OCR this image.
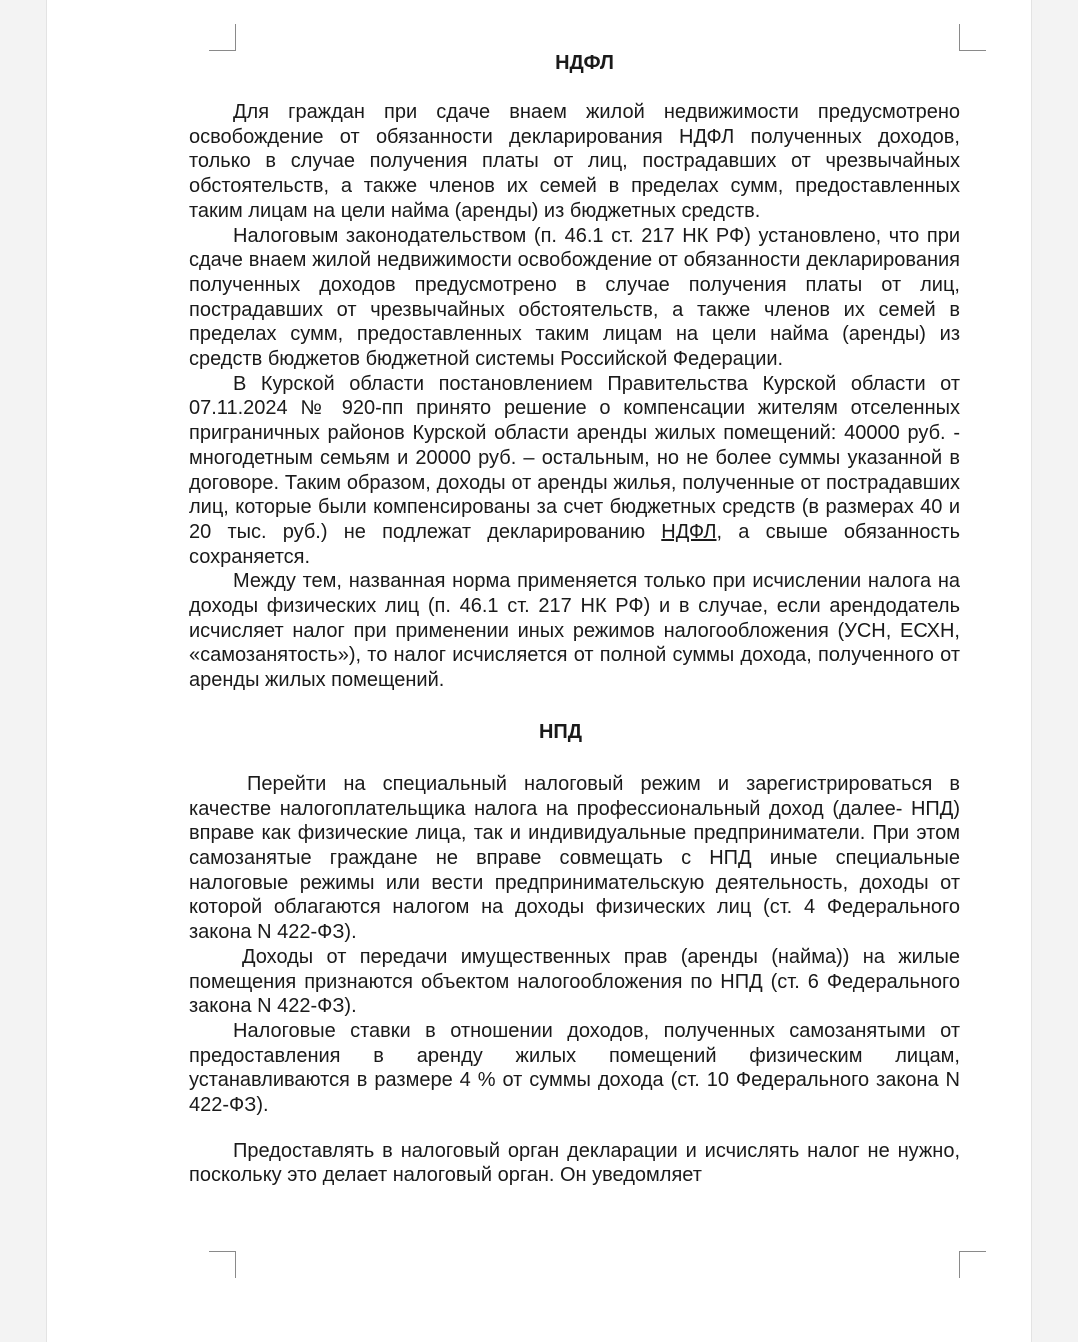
НДФЛ

Для граждан при сдаче внаем жилой недвижимости предусмотрено освобождение от обязанности декларирования НДФЛ полученных доходов, только в случае получения платы от лиц, пострадавших от чрезвычайных обстоятельств, а также членов их семей в пределах сумм, предоставленных таким лицам на цели найма (аренды) из бюджетных средств.

Налоговым законодательством (п. 46.1 ст. 217 НК РФ) установлено, что при сдаче внаем жилой недвижимости освобождение от обязанности декларирования полученных доходов предусмотрено в случае получения платы от лиц, пострадавших от чрезвычайных обстоятельств, а также членов их семей в пределах сумм, предоставленных таким лицам на цели найма (аренды) из средств бюджетов бюджетной системы Российской Федерации.

В Курской области постановлением Правительства Курской области от 07.11.2024 № 920-пп принято решение о компенсации жителям отселенных приграничных районов Курской области аренды жилых помещений: 40000 руб. - многодетным семьям и 20000 руб. – остальным, но не более суммы указанной в договоре. Таким образом, доходы от аренды жилья, полученные от пострадавших лиц, которые были компенсированы за счет бюджетных средств (в размерах 40 и 20 тыс. руб.) не подлежат декларированию НДФЛ, а свыше обязанность сохраняется.

Между тем, названная норма применяется только при исчислении налога на доходы физических лиц (п. 46.1 ст. 217 НК РФ) и в случае, если арендодатель исчисляет налог при применении иных режимов налогообложения (УСН, ЕСХН, «самозанятость»), то налог исчисляется от полной суммы дохода, полученного от аренды жилых помещений.

НПД

Перейти на специальный налоговый режим и зарегистрироваться в качестве налогоплательщика налога на профессиональный доход (далее- НПД) вправе как физические лица, так и индивидуальные предприниматели. При этом самозанятые граждане не вправе совмещать с НПД иные специальные налоговые режимы или вести предпринимательскую деятельность, доходы от которой облагаются налогом на доходы физических лиц (ст. 4 Федерального закона N 422-ФЗ).

Доходы от передачи имущественных прав (аренды (найма)) на жилые помещения признаются объектом налогообложения по НПД (ст. 6 Федерального закона N 422-ФЗ).

Налоговые ставки в отношении доходов, полученных самозанятыми от предоставления в аренду жилых помещений физическим лицам, устанавливаются в размере 4 % от суммы дохода (ст. 10 Федерального закона N 422-ФЗ).

Предоставлять в налоговый орган декларации и исчислять налог не нужно, поскольку это делает налоговый орган. Он уведомляет
